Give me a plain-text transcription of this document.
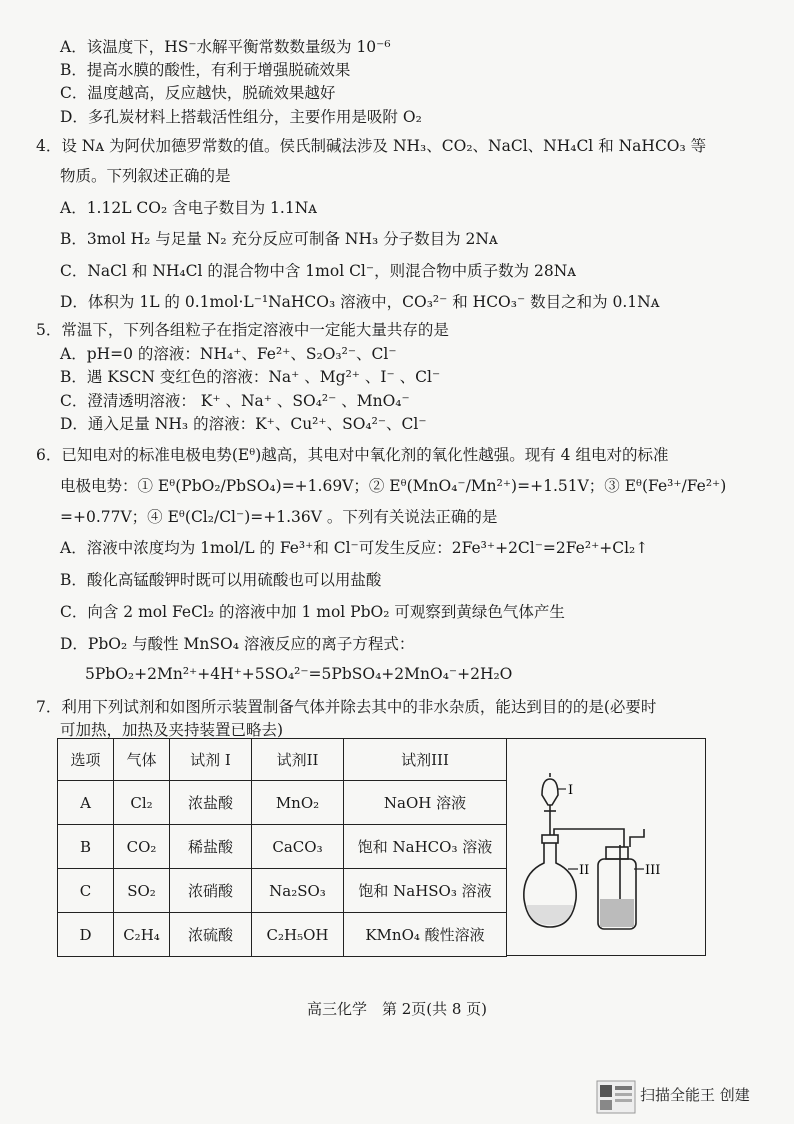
A．该温度下，HS⁻水解平衡常数数量级为 10⁻⁶
B．提高水膜的酸性，有利于增强脱硫效果
C．温度越高，反应越快，脱硫效果越好
D．多孔炭材料上搭载活性组分，主要作用是吸附 O₂
4．设 Nᴀ 为阿伏加德罗常数的值。侯氏制碱法涉及 NH₃、CO₂、NaCl、NH₄Cl 和 NaHCO₃ 等
物质。下列叙述正确的是
A．1.12L CO₂ 含电子数目为 1.1Nᴀ
B．3mol H₂ 与足量 N₂ 充分反应可制备 NH₃ 分子数目为 2Nᴀ
C．NaCl 和 NH₄Cl 的混合物中含 1mol Cl⁻，则混合物中质子数为 28Nᴀ
D．体积为 1L 的 0.1mol·L⁻¹NaHCO₃ 溶液中，CO₃²⁻ 和 HCO₃⁻ 数目之和为 0.1Nᴀ
5．常温下，下列各组粒子在指定溶液中一定能大量共存的是
A．pH=0 的溶液：NH₄⁺、Fe²⁺、S₂O₃²⁻、Cl⁻
B．遇 KSCN 变红色的溶液：Na⁺ 、Mg²⁺ 、I⁻ 、Cl⁻
C．澄清透明溶液： K⁺ 、Na⁺ 、SO₄²⁻ 、MnO₄⁻
D．通入足量 NH₃ 的溶液：K⁺、Cu²⁺、SO₄²⁻、Cl⁻
6．已知电对的标准电极电势(Eᶿ)越高，其电对中氧化剂的氧化性越强。现有 4 组电对的标准
电极电势：① Eᶿ(PbO₂/PbSO₄)=+1.69V；② Eᶿ(MnO₄⁻/Mn²⁺)=+1.51V；③ Eᶿ(Fe³⁺/Fe²⁺)
=+0.77V；④ Eᶿ(Cl₂/Cl⁻)=+1.36V 。下列有关说法正确的是
A．溶液中浓度均为 1mol/L 的 Fe³⁺和 Cl⁻可发生反应：2Fe³⁺+2Cl⁻=2Fe²⁺+Cl₂↑
B．酸化高锰酸钾时既可以用硫酸也可以用盐酸
C．向含 2 mol FeCl₂ 的溶液中加 1 mol PbO₂ 可观察到黄绿色气体产生
D．PbO₂ 与酸性 MnSO₄ 溶液反应的离子方程式：
5PbO₂+2Mn²⁺+4H⁺+5SO₄²⁻=5PbSO₄+2MnO₄⁻+2H₂O
7．利用下列试剂和如图所示装置制备气体并除去其中的非水杂质，能达到目的的是(必要时
可加热，加热及夹持装置已略去)
选项	气体	试剂 I	试剂II	试剂III
A	Cl₂	浓盐酸	MnO₂	NaOH 溶液
B	CO₂	稀盐酸	CaCO₃	饱和 NaHCO₃ 溶液
C	SO₂	浓硝酸	Na₂SO₃	饱和 NaHSO₃ 溶液
D	C₂H₄	浓硫酸	C₂H₅OH	KMnO₄ 酸性溶液
I
II	III
高三化学　第 2页(共 8 页)
扫描全能王 创建
